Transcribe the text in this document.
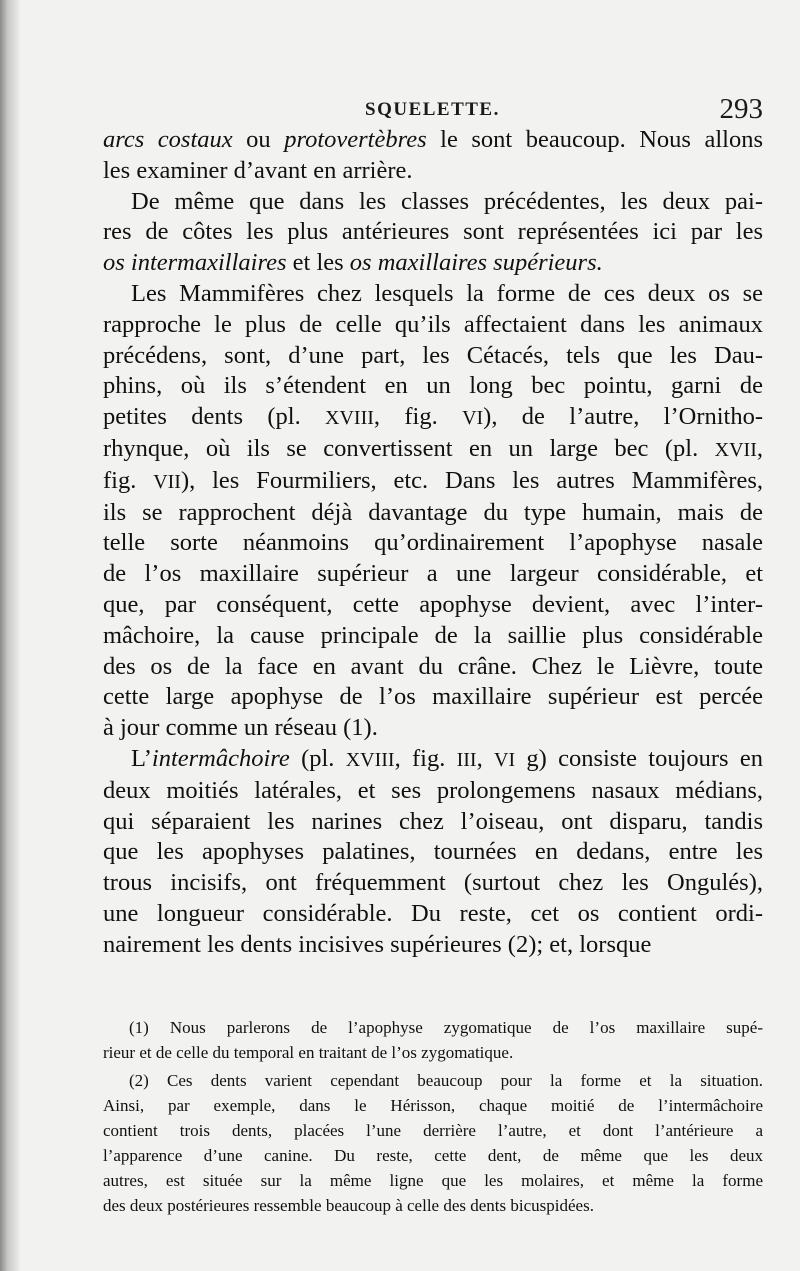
SQUELETTE.	293
arcs costaux ou protovertèbres le sont beaucoup. Nous allons
les examiner d’avant en arrière.
De même que dans les classes précédentes, les deux pai-
res de côtes les plus antérieures sont représentées ici par les
os intermaxillaires et les os maxillaires supérieurs.
Les Mammifères chez lesquels la forme de ces deux os se
rapproche le plus de celle qu’ils affectaient dans les animaux
précédens, sont, d’une part, les Cétacés, tels que les Dau-
phins, où ils s’étendent en un long bec pointu, garni de
petites dents (pl. XVIII, fig. VI), de l’autre, l’Ornitho-
rhynque, où ils se convertissent en un large bec (pl. XVII,
fig. VII), les Fourmiliers, etc. Dans les autres Mammifères,
ils se rapprochent déjà davantage du type humain, mais de
telle sorte néanmoins qu’ordinairement l’apophyse nasale
de l’os maxillaire supérieur a une largeur considérable, et
que, par conséquent, cette apophyse devient, avec l’inter-
mâchoire, la cause principale de la saillie plus considérable
des os de la face en avant du crâne. Chez le Lièvre, toute
cette large apophyse de l’os maxillaire supérieur est percée
à jour comme un réseau (1).
L’intermâchoire (pl. XVIII, fig. III, VI g) consiste toujours en
deux moitiés latérales, et ses prolongemens nasaux médians,
qui séparaient les narines chez l’oiseau, ont disparu, tandis
que les apophyses palatines, tournées en dedans, entre les
trous incisifs, ont fréquemment (surtout chez les Ongulés),
une longueur considérable. Du reste, cet os contient ordi-
nairement les dents incisives supérieures (2); et, lorsque
(1) Nous parlerons de l’apophyse zygomatique de l’os maxillaire supé-
rieur et de celle du temporal en traitant de l’os zygomatique.
(2) Ces dents varient cependant beaucoup pour la forme et la situation.
Ainsi, par exemple, dans le Hérisson, chaque moitié de l’intermâchoire
contient trois dents, placées l’une derrière l’autre, et dont l’antérieure a
l’apparence d’une canine. Du reste, cette dent, de même que les deux
autres, est située sur la même ligne que les molaires, et même la forme
des deux postérieures ressemble beaucoup à celle des dents bicuspidées.
